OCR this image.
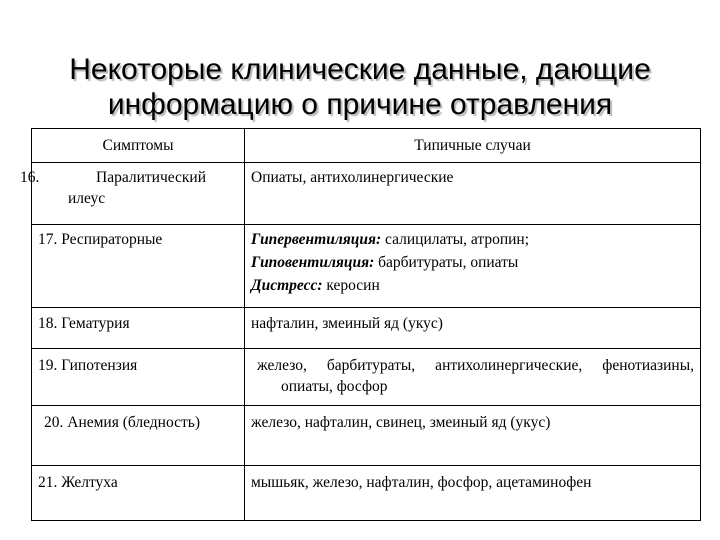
Некоторые клинические данные, дающие
информацию о причине отравления
Симптомы	Типичные случаи

16. Паралитический илеус	Опиаты, антихолинергические
17. Респираторные	Гипервентиляция: салицилаты, атропин;
Гиповентиляция: барбитураты, опиаты
Дистресс: керосин

18. Гематурия	нафталин, змеиный яд (укус)
19. Гипотензия	железо, барбитураты, антихолинергические, фенотиазины, опиаты, фосфор

20. Анемия (бледность)	железо, нафталин, свинец, змеиный яд (укус)
21. Желтуха	мышьяк, железо, нафталин, фосфор, ацетаминофен
